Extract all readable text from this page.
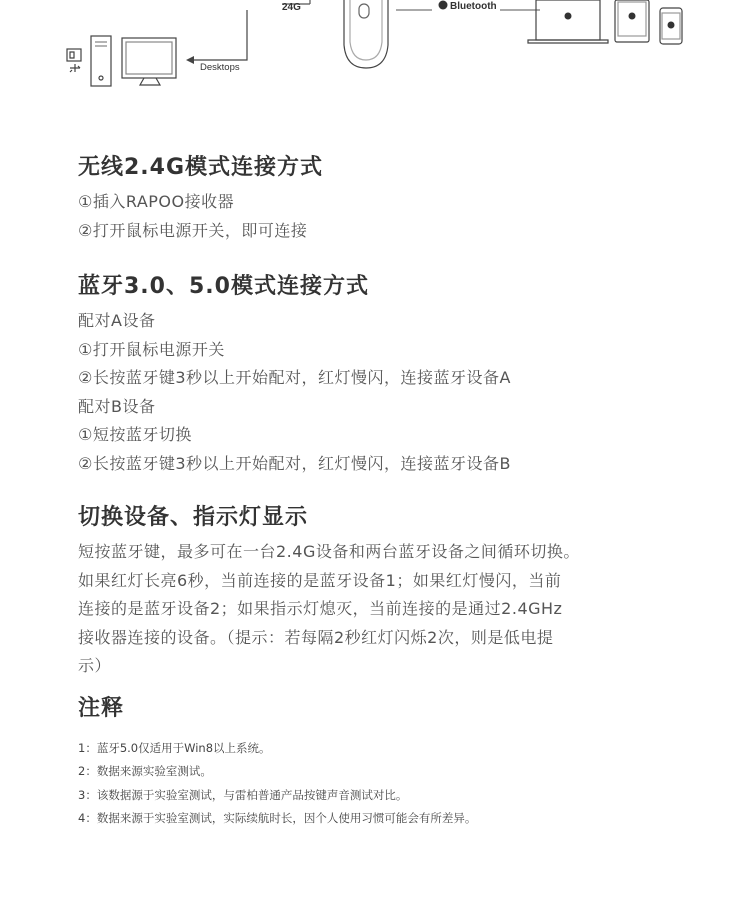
24G	Bluetooth
Desktops
无线2.4G模式连接方式

①插入RAPOO接收器

②打开鼠标电源开关，即可连接

蓝牙3.0、5.0模式连接方式

配对A设备

①打开鼠标电源开关

②长按蓝牙键3秒以上开始配对，红灯慢闪，连接蓝牙设备A

配对B设备

①短按蓝牙切换

②长按蓝牙键3秒以上开始配对，红灯慢闪，连接蓝牙设备B

切换设备、指示灯显示

短按蓝牙键，最多可在一台2.4G设备和两台蓝牙设备之间循环切换。

如果红灯长亮6秒，当前连接的是蓝牙设备1；如果红灯慢闪，当前

连接的是蓝牙设备2；如果指示灯熄灭，当前连接的是通过2.4GHz

接收器连接的设备。（提示：若每隔2秒红灯闪烁2次，则是低电提

示）

注释

1：蓝牙5.0仅适用于Win8以上系统。

2：数据来源实验室测试。

3：该数据源于实验室测试，与雷柏普通产品按键声音测试对比。

4：数据来源于实验室测试，实际续航时长，因个人使用习惯可能会有所差异。
